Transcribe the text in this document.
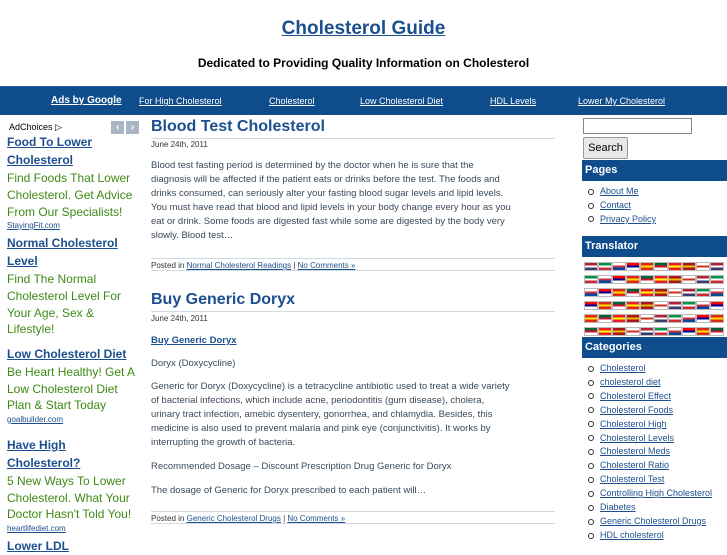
Cholesterol Guide
Dedicated to Providing Quality Information on Cholesterol
Ads by Google For High Cholesterol	Cholesterol	Low Cholesterol Diet	HDL Levels	Lower My Cholesterol
AdChoices ▷	‹	›
Food To Lower
Cholesterol
Find Foods That Lower
Cholesterol. Get Advice
From Our Specialists!
StayingFit.com
Normal Cholesterol
Level
Find The Normal
Cholesterol Level For
Your Age, Sex &
Lifestyle!
Low Cholesterol Diet
Be Heart Healthy! Get A
Low Cholesterol Diet
Plan & Start Today
goalbuilder.com
Have High
Cholesterol?
5 New Ways To Lower
Cholesterol. What Your
Doctor Hasn't Told You!
heartlifediet.com
Lower LDL
Blood Test Cholesterol
June 24th, 2011
Blood test fasting period is determined by the doctor when he is sure that the
diagnosis will be affected if the patient eats or drinks before the test. The foods and
drinks consumed, can seriously alter your fasting blood sugar levels and lipid levels.
You must have read that blood and lipid levels in your body change every hour as you
eat or drink. Some foods are digested fast while some are digested by the body very
slowly. Blood test…
Posted in Normal Cholesterol Readings | No Comments »
Buy Generic Doryx
June 24th, 2011
Buy Generic Doryx
Doryx (Doxycycline)
Generic for Doryx (Doxycycline) is a tetracycline antibiotic used to treat a wide variety
of bacterial infections, which include acne, periodontitis (gum disease), cholera,
urinary tract infection, amebic dysentery, gonorrhea, and chlamydia. Besides, this
medicine is also used to prevent malaria and pink eye (conjunctivitis). It works by
interrupting the growth of bacteria.
Recommended Dosage – Discount Prescription Drug Generic for Doryx
The dosage of Generic for Doryx prescribed to each patient will…
Posted in Generic Cholesterol Drugs | No Comments »
Search
Pages
About Me
Contact
Privacy Policy
Translator
Categories
Cholesterol
cholesterol diet
Cholesterol Effect
Cholesterol Foods
Cholesterol High
Cholesterol Levels
Cholesterol Meds
Cholesterol Ratio
Cholesterol Test
Controlling High Cholesterol
Diabetes
Generic Cholesterol Drugs
HDL cholesterol
